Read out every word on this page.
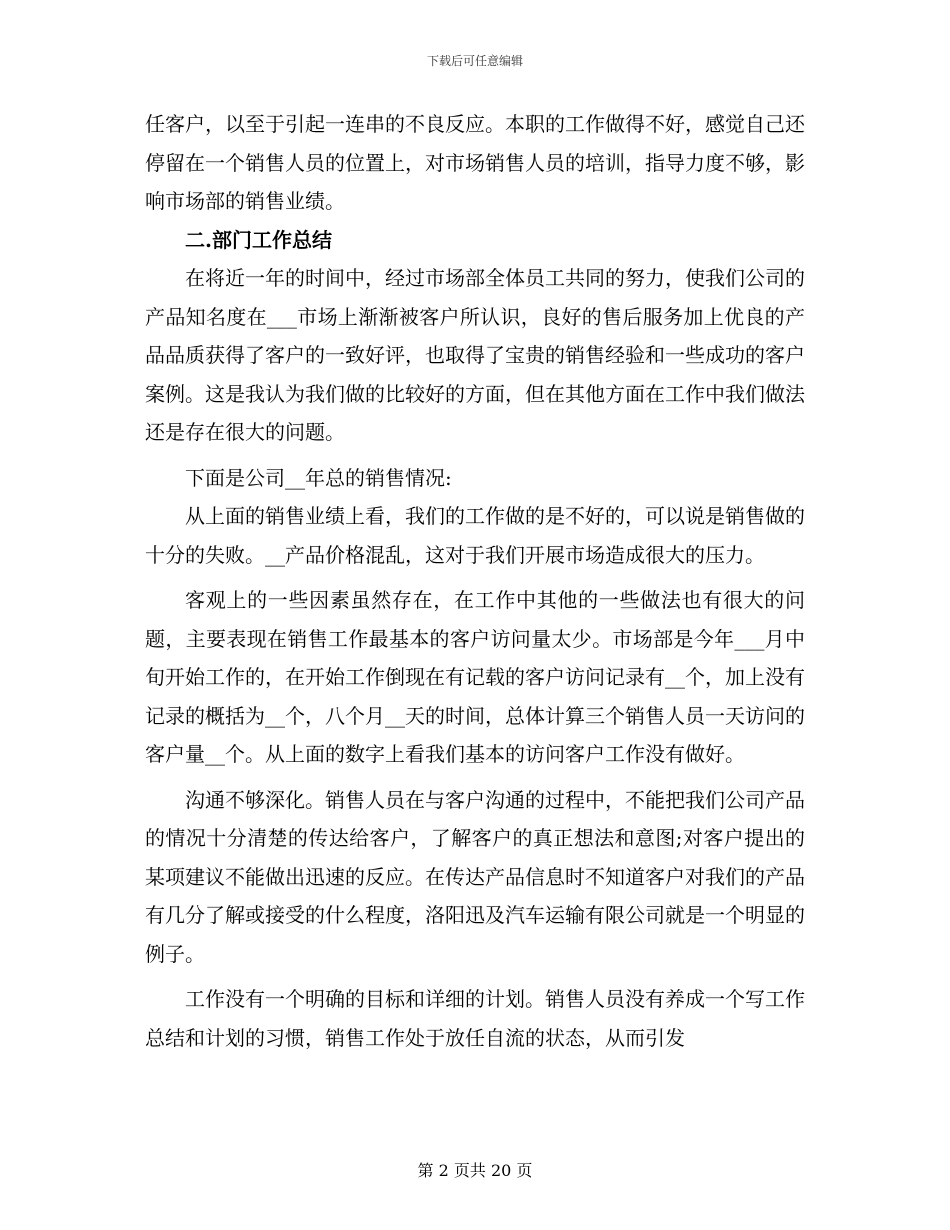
下载后可任意编辑

任客户，以至于引起一连串的不良反应。本职的工作做得不好，感觉自己还停留在一个销售人员的位置上，对市场销售人员的培训，指导力度不够，影响市场部的销售业绩。

二.部门工作总结

在将近一年的时间中，经过市场部全体员工共同的努力，使我们公司的产品知名度在___市场上渐渐被客户所认识，良好的售后服务加上优良的产品品质获得了客户的一致好评，也取得了宝贵的销售经验和一些成功的客户案例。这是我认为我们做的比较好的方面，但在其他方面在工作中我们做法还是存在很大的问题。

下面是公司__年总的销售情况:

从上面的销售业绩上看，我们的工作做的是不好的，可以说是销售做的十分的失败。__产品价格混乱，这对于我们开展市场造成很大的压力。

客观上的一些因素虽然存在，在工作中其他的一些做法也有很大的问题，主要表现在销售工作最基本的客户访问量太少。市场部是今年___月中旬开始工作的，在开始工作倒现在有记载的客户访问记录有__个，加上没有记录的概括为__个，八个月__天的时间，总体计算三个销售人员一天访问的客户量__个。从上面的数字上看我们基本的访问客户工作没有做好。

沟通不够深化。销售人员在与客户沟通的过程中，不能把我们公司产品的情况十分清楚的传达给客户，了解客户的真正想法和意图;对客户提出的某项建议不能做出迅速的反应。在传达产品信息时不知道客户对我们的产品有几分了解或接受的什么程度，洛阳迅及汽车运输有限公司就是一个明显的例子。

工作没有一个明确的目标和详细的计划。销售人员没有养成一个写工作总结和计划的习惯，销售工作处于放任自流的状态，从而引发

第 2 页共 20 页
